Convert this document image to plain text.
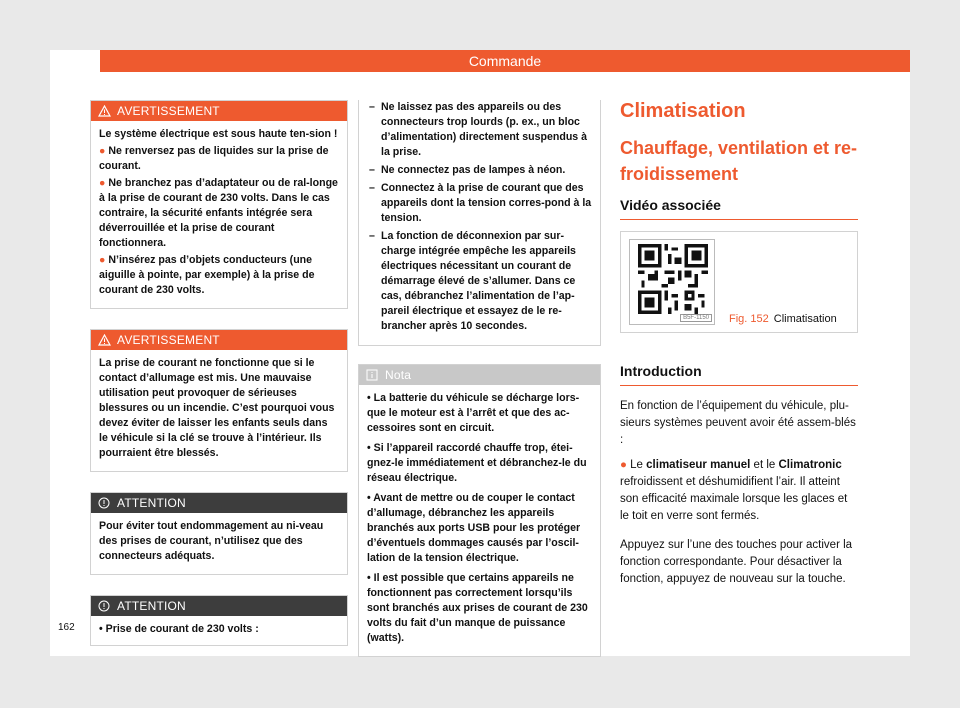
Commande
AVERTISSEMENT

Le système électrique est sous haute ten-sion !

● Ne renversez pas de liquides sur la prise de courant.

● Ne branchez pas d’adaptateur ou de ral-longe à la prise de courant de 230 volts. Dans le cas contraire, la sécurité enfants intégrée sera déverrouillée et la prise de courant fonctionnera.

● N’insérez pas d’objets conducteurs (une aiguille à pointe, par exemple) à la prise de courant de 230 volts.

AVERTISSEMENT

La prise de courant ne fonctionne que si le contact d’allumage est mis. Une mauvaise utilisation peut provoquer de sérieuses blessures ou un incendie. C’est pourquoi vous devez éviter de laisser les enfants seuls dans le véhicule si la clé se trouve à l’intérieur. Ils pourraient être blessés.

ATTENTION

Pour éviter tout endommagement au ni-veau des prises de courant, n’utilisez que des connecteurs adéquats.

ATTENTION

• Prise de courant de 230 volts :

– Ne laissez pas des appareils ou des connecteurs trop lourds (p. ex., un bloc d’alimentation) directement suspendus à la prise.
– Ne connectez pas de lampes à néon.
– Connectez à la prise de courant que des appareils dont la tension corres-pond à la tension.
– La fonction de déconnexion par sur-charge intégrée empêche les appareils électriques nécessitant un courant de démarrage élevé de s’allumer. Dans ce cas, débranchez l’alimentation de l’ap-pareil électrique et essayez de le re-brancher après 10 secondes.
Nota

• La batterie du véhicule se décharge lors-que le moteur est à l’arrêt et que des ac-cessoires sont en circuit.

• Si l’appareil raccordé chauffe trop, étei-gnez-le immédiatement et débranchez-le du réseau électrique.

• Avant de mettre ou de couper le contact d’allumage, débranchez les appareils branchés aux ports USB pour les protéger d’éventuels dommages causés par l’oscil-lation de la tension électrique.

• Il est possible que certains appareils ne fonctionnent pas correctement lorsqu’ils sont branchés aux prises de courant de 230 volts du fait d’un manque de puissance (watts).

Climatisation
Chauffage, ventilation et re-froidissement
Vidéo associée
B5F-1150 Fig. 152 Climatisation
Introduction

En fonction de l’équipement du véhicule, plu-sieurs systèmes peuvent avoir été assem-blés :

● Le climatiseur manuel et le Climatronic refroidissent et déshumidifient l’air. Il atteint son efficacité maximale lorsque les glaces et le toit en verre sont fermés.

Appuyez sur l’une des touches pour activer la fonction correspondante. Pour désactiver la fonction, appuyez de nouveau sur la touche.

162
